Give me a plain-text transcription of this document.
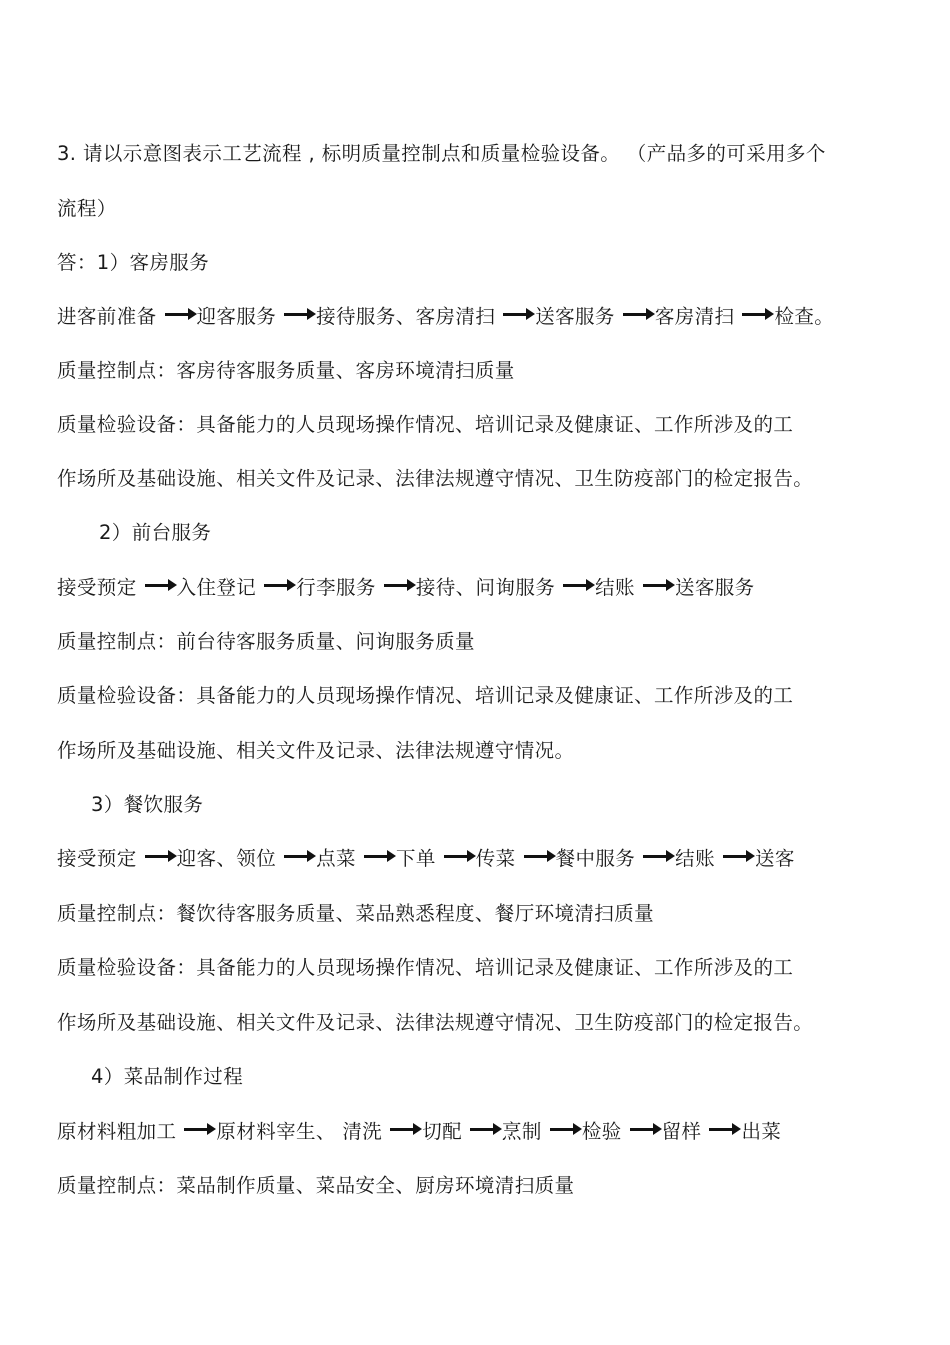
3. 请以示意图表示工艺流程 , 标明质量控制点和质量检验设备。 （产品多的可采用多个
流程）
答：1）客房服务
进客前准备 迎客服务 接待服务、客房清扫 送客服务 客房清扫 检查。
质量控制点：客房待客服务质量、客房环境清扫质量
质量检验设备：具备能力的人员现场操作情况、培训记录及健康证、工作所涉及的工
作场所及基础设施、相关文件及记录、法律法规遵守情况、卫生防疫部门的检定报告。
2）前台服务
接受预定 入住登记 行李服务 接待、问询服务 结账 送客服务
质量控制点：前台待客服务质量、问询服务质量
质量检验设备：具备能力的人员现场操作情况、培训记录及健康证、工作所涉及的工
作场所及基础设施、相关文件及记录、法律法规遵守情况。
3）餐饮服务
接受预定 迎客、领位 点菜 下单 传菜 餐中服务 结账 送客
质量控制点：餐饮待客服务质量、菜品熟悉程度、餐厅环境清扫质量
质量检验设备：具备能力的人员现场操作情况、培训记录及健康证、工作所涉及的工
作场所及基础设施、相关文件及记录、法律法规遵守情况、卫生防疫部门的检定报告。
4）菜品制作过程
原材料粗加工 原材料宰生、 清洗 切配 烹制 检验 留样 出菜
质量控制点：菜品制作质量、菜品安全、厨房环境清扫质量
